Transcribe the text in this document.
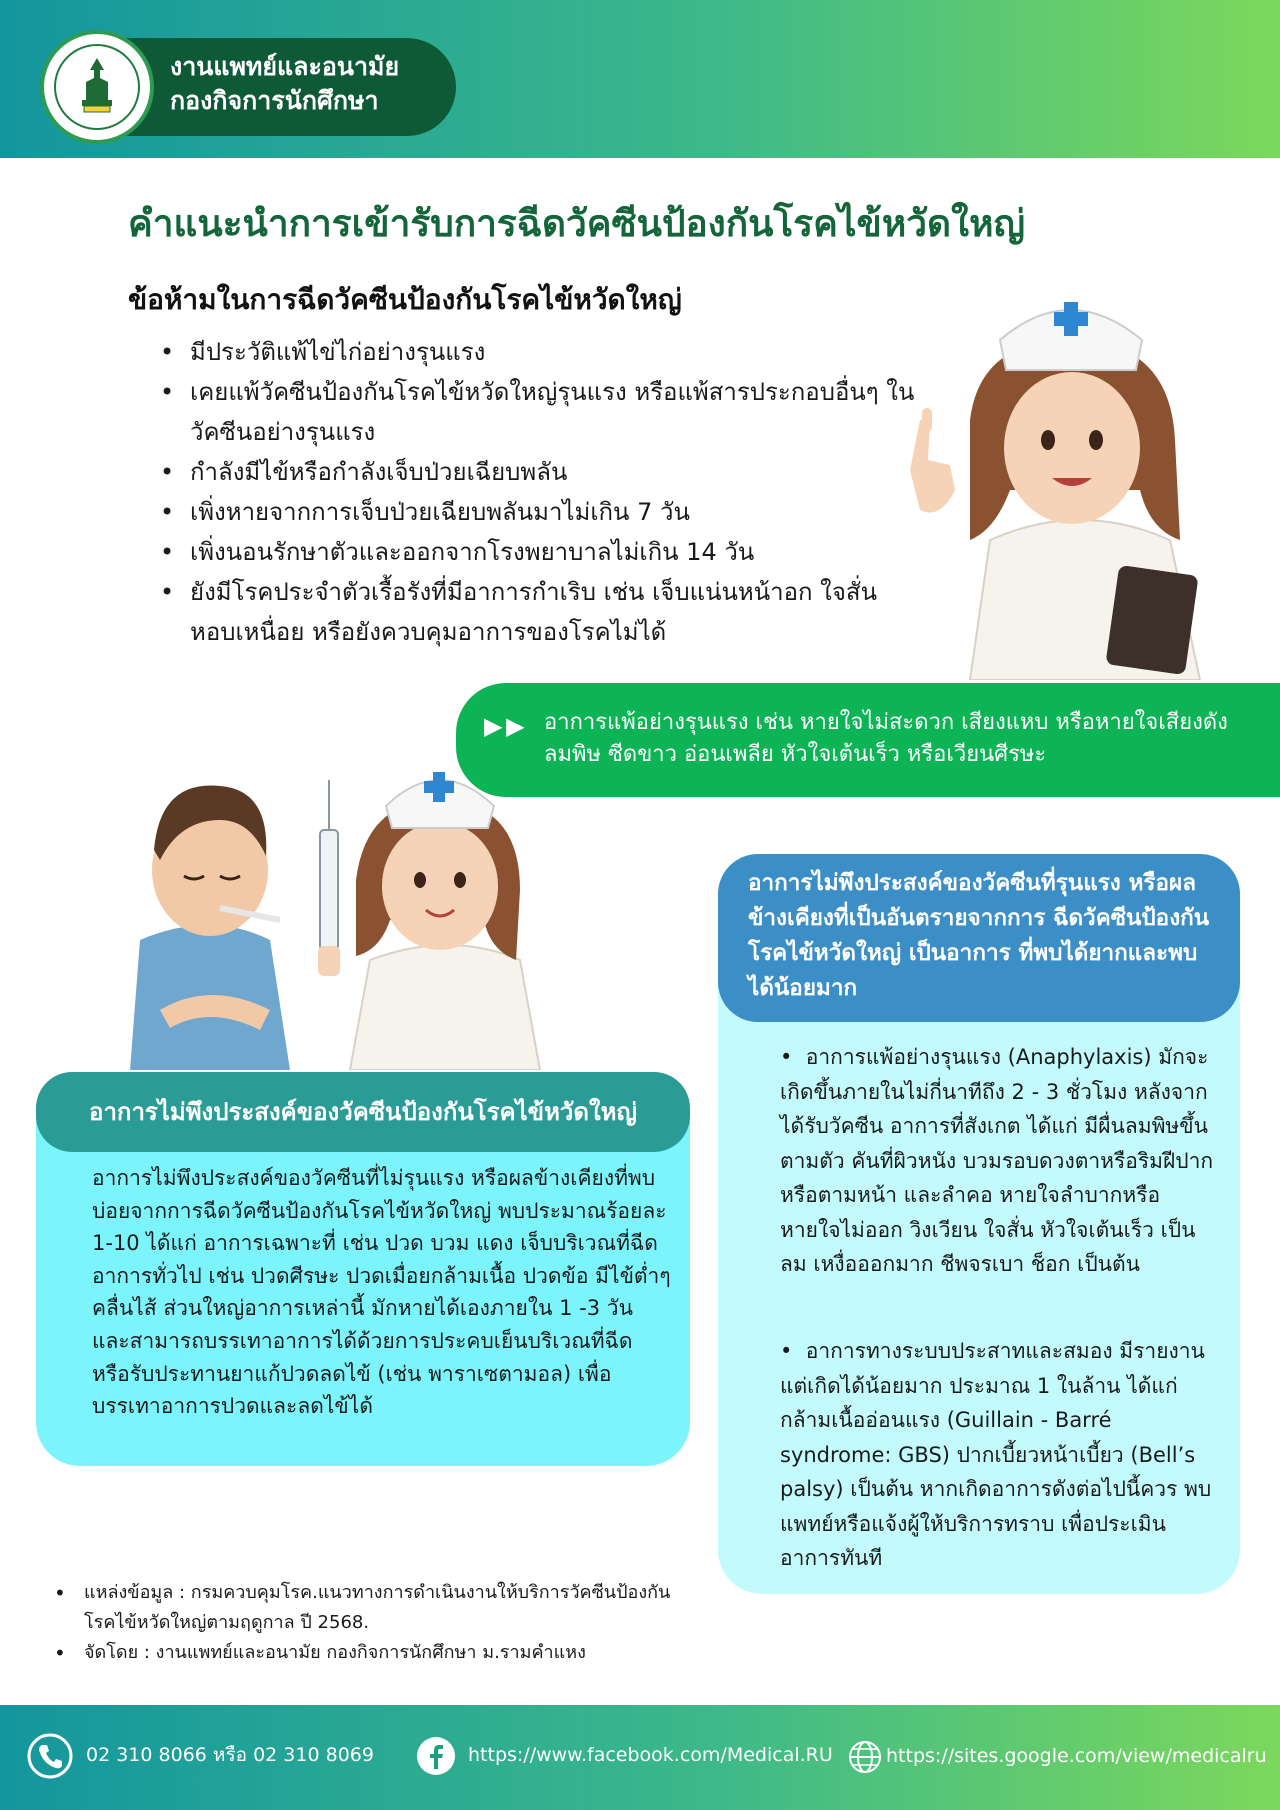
งานแพทย์และอนามัย
กองกิจการนักศึกษา
คำแนะนำการเข้ารับการฉีดวัคซีนป้องกันโรคไข้หวัดใหญ่
ข้อห้ามในการฉีดวัคซีนป้องกันโรคไข้หวัดใหญ่
• มีประวัติแพ้ไข่ไก่อย่างรุนแรง
• เคยแพ้วัคซีนป้องกันโรคไข้หวัดใหญ่รุนแรง หรือแพ้สารประกอบอื่นๆ ในวัคซีนอย่างรุนแรง
• กำลังมีไข้หรือกำลังเจ็บป่วยเฉียบพลัน
• เพิ่งหายจากการเจ็บป่วยเฉียบพลันมาไม่เกิน 7 วัน
• เพิ่งนอนรักษาตัวและออกจากโรงพยาบาลไม่เกิน 14 วัน
• ยังมีโรคประจำตัวเรื้อรังที่มีอาการกำเริบ เช่น เจ็บแน่นหน้าอก ใจสั่น หอบเหนื่อย หรือยังควบคุมอาการของโรคไม่ได้
▶ ▶ อาการแพ้อย่างรุนแรง เช่น หายใจไม่สะดวก เสียงแหบ หรือหายใจเสียงดัง ลมพิษ ซีดขาว อ่อนเพลีย หัวใจเต้นเร็ว หรือเวียนศีรษะ
อาการไม่พึงประสงค์ของวัคซีนป้องกันโรคไข้หวัดใหญ่
อาการไม่พึงประสงค์ของวัคซีนที่ไม่รุนแรง หรือผลข้างเคียงที่พบบ่อยจากการฉีดวัคซีนป้องกันโรคไข้หวัดใหญ่ พบประมาณร้อยละ 1-10 ได้แก่ อาการเฉพาะที่ เช่น ปวด บวม แดง เจ็บบริเวณที่ฉีดอาการทั่วไป เช่น ปวดศีรษะ ปวดเมื่อยกล้ามเนื้อ ปวดข้อ มีไข้ต่ำๆ คลื่นไส้ ส่วนใหญ่อาการเหล่านี้ มักหายได้เองภายใน 1 -3 วัน และสามารถบรรเทาอาการได้ด้วยการประคบเย็นบริเวณที่ฉีด หรือรับประทานยาแก้ปวดลดไข้ (เช่น พาราเซตามอล) เพื่อบรรเทาอาการปวดและลดไข้ได้
อาการไม่พึงประสงค์ของวัคซีนที่รุนแรง หรือผลข้างเคียงที่เป็นอันตรายจากการ ฉีดวัคซีนป้องกันโรคไข้หวัดใหญ่ เป็นอาการ ที่พบได้ยากและพบได้น้อยมาก
•  อาการแพ้อย่างรุนแรง (Anaphylaxis) มักจะเกิดขึ้นภายในไม่กี่นาทีถึง 2 - 3 ชั่วโมง หลังจากได้รับวัคซีน อาการที่สังเกต ได้แก่ มีผื่นลมพิษขึ้นตามตัว คันที่ผิวหนัง บวมรอบดวงตาหรือริมฝีปากหรือตามหน้า และลำคอ หายใจลำบากหรือหายใจไม่ออก วิงเวียน ใจสั่น หัวใจเต้นเร็ว เป็นลม เหงื่อออกมาก ชีพจรเบา ช็อก เป็นต้น
•  อาการทางระบบประสาทและสมอง มีรายงานแต่เกิดได้น้อยมาก ประมาณ 1 ในล้าน ได้แก่ กล้ามเนื้ออ่อนแรง (Guillain - Barré syndrome: GBS) ปากเบี้ยวหน้าเบี้ยว (Bell’s palsy) เป็นต้น หากเกิดอาการดังต่อไปนี้ควร พบแพทย์หรือแจ้งผู้ให้บริการทราบ เพื่อประเมินอาการทันที
• แหล่งข้อมูล : กรมควบคุมโรค.แนวทางการดำเนินงานให้บริการวัคซีนป้องกันโรคไข้หวัดใหญ่ตามฤดูกาล ปี 2568.
• จัดโดย : งานแพทย์และอนามัย กองกิจการนักศึกษา ม.รามคำแหง
02 310 8066 หรือ 02 310 8069	https://www.facebook.com/Medical.RU	https://sites.google.com/view/medicalru
